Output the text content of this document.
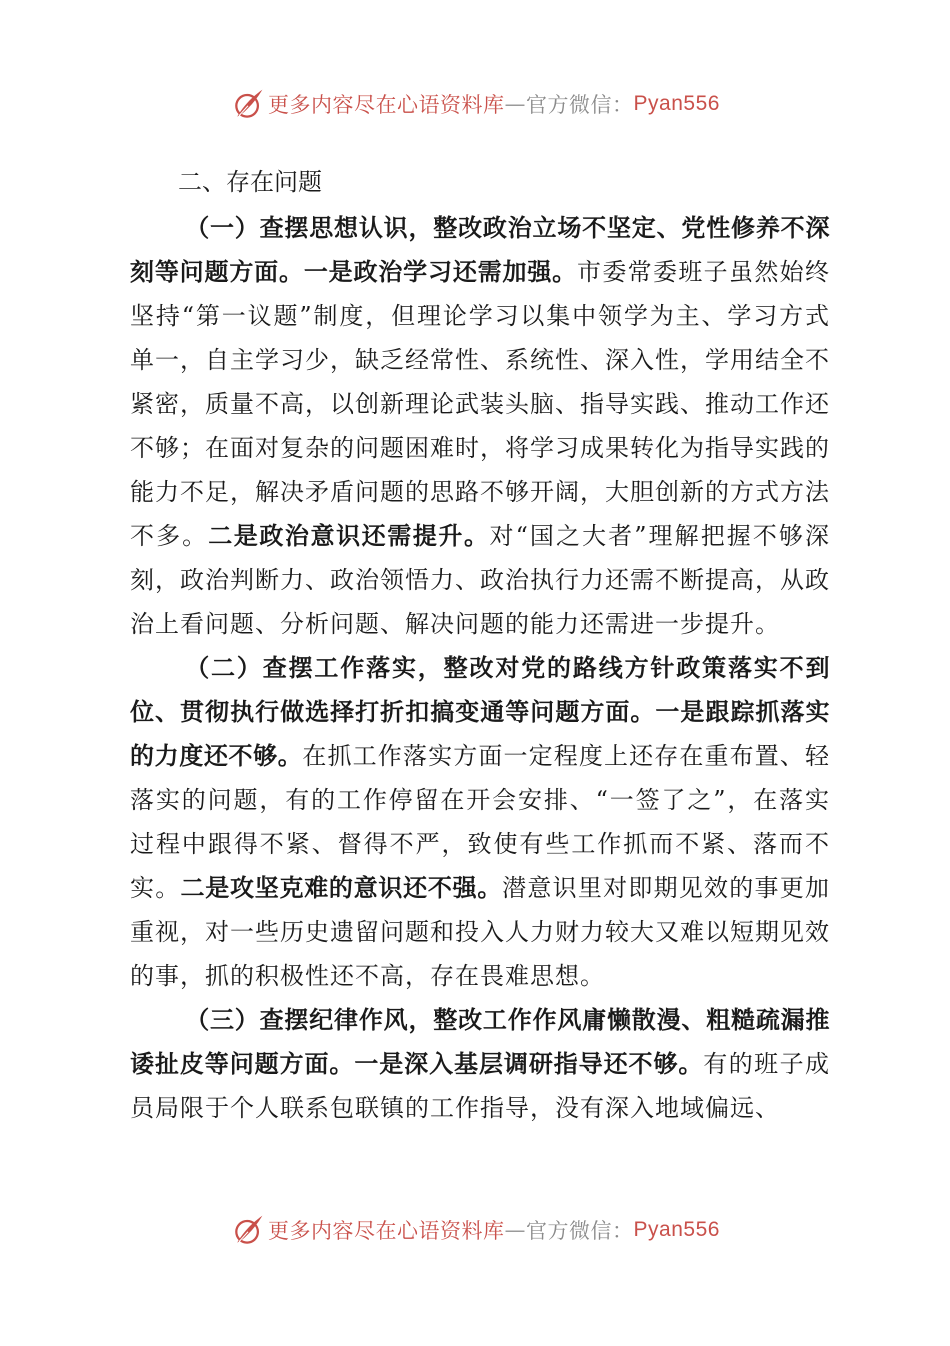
更多内容尽在心语资料库 — 官方微信： Pyan556
二、存在问题

（一）查摆思想认识，整改政治立场不坚定、党性修养不深刻等问题方面。一是政治学习还需加强。市委常委班子虽然始终坚持“第一议题”制度，但理论学习以集中领学为主、学习方式单一，自主学习少，缺乏经常性、系统性、深入性，学用结全不紧密，质量不高，以创新理论武装头脑、指导实践、推动工作还不够；在面对复杂的问题困难时，将学习成果转化为指导实践的能力不足，解决矛盾问题的思路不够开阔，大胆创新的方式方法不多。二是政治意识还需提升。对“国之大者”理解把握不够深刻，政治判断力、政治领悟力、政治执行力还需不断提高，从政治上看问题、分析问题、解决问题的能力还需进一步提升。

（二）查摆工作落实，整改对党的路线方针政策落实不到位、贯彻执行做选择打折扣搞变通等问题方面。一是跟踪抓落实的力度还不够。在抓工作落实方面一定程度上还存在重布置、轻落实的问题，有的工作停留在开会安排、“一签了之”，在落实过程中跟得不紧、督得不严，致使有些工作抓而不紧、落而不实。二是攻坚克难的意识还不强。潜意识里对即期见效的事更加重视，对一些历史遗留问题和投入人力财力较大又难以短期见效的事，抓的积极性还不高，存在畏难思想。

（三）查摆纪律作风，整改工作作风庸懒散漫、粗糙疏漏推诿扯皮等问题方面。一是深入基层调研指导还不够。有的班子成员局限于个人联系包联镇的工作指导，没有深入地域偏远、

更多内容尽在心语资料库 — 官方微信： Pyan556
